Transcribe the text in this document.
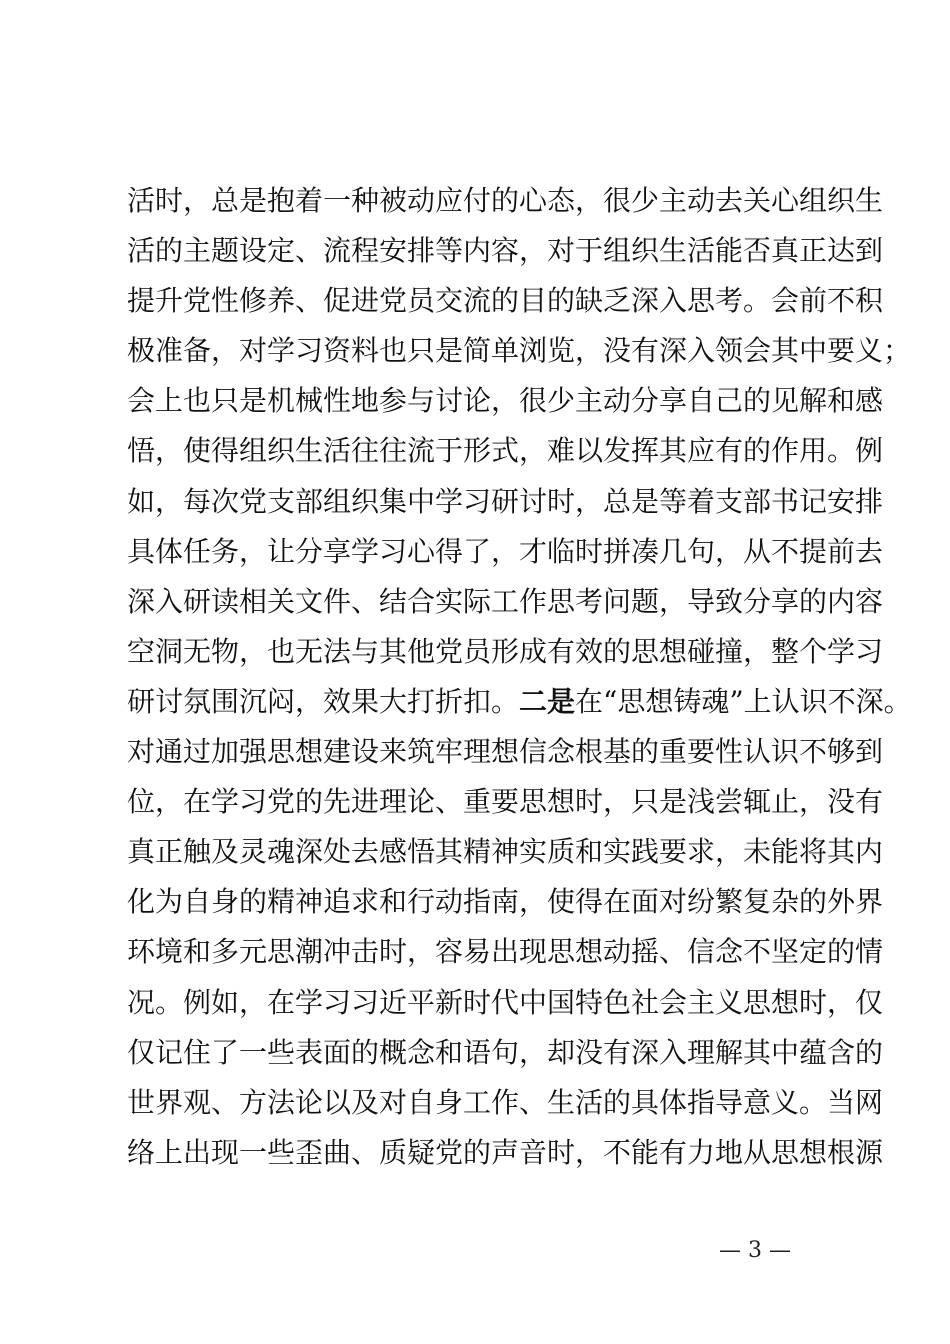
活时，总是抱着一种被动应付的心态，很少主动去关心组织生
活的主题设定、流程安排等内容，对于组织生活能否真正达到
提升党性修养、促进党员交流的目的缺乏深入思考。会前不积
极准备，对学习资料也只是简单浏览，没有深入领会其中要义；
会上也只是机械性地参与讨论，很少主动分享自己的见解和感
悟，使得组织生活往往流于形式，难以发挥其应有的作用。例
如，每次党支部组织集中学习研讨时，总是等着支部书记安排
具体任务，让分享学习心得了，才临时拼凑几句，从不提前去
深入研读相关文件、结合实际工作思考问题，导致分享的内容
空洞无物，也无法与其他党员形成有效的思想碰撞，整个学习
研讨氛围沉闷，效果大打折扣。二是在“思想铸魂”上认识不深。
对通过加强思想建设来筑牢理想信念根基的重要性认识不够到
位，在学习党的先进理论、重要思想时，只是浅尝辄止，没有
真正触及灵魂深处去感悟其精神实质和实践要求，未能将其内
化为自身的精神追求和行动指南，使得在面对纷繁复杂的外界
环境和多元思潮冲击时，容易出现思想动摇、信念不坚定的情
况。例如，在学习习近平新时代中国特色社会主义思想时，仅
仅记住了一些表面的概念和语句，却没有深入理解其中蕴含的
世界观、方法论以及对自身工作、生活的具体指导意义。当网
络上出现一些歪曲、质疑党的声音时，不能有力地从思想根源
— 3 —
